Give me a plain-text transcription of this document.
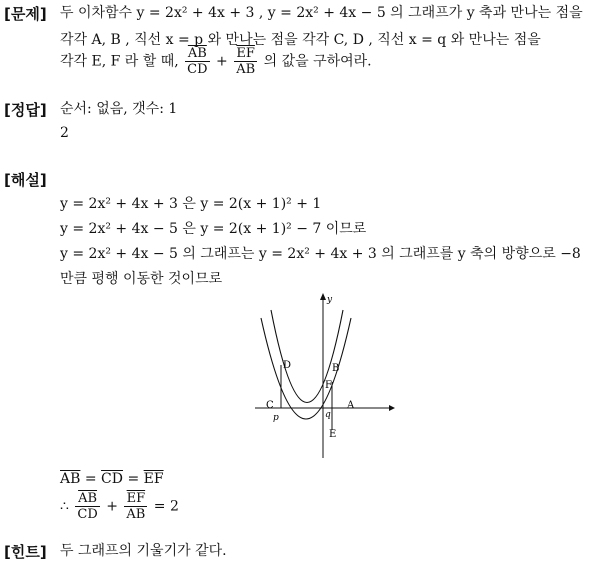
[문제] 두 이차함수 y = 2x² + 4x + 3 , y = 2x² + 4x − 5 의 그래프가 y 축과 만나는 점을
각각 A, B , 직선 x = p 와 만나는 점을 각각 C, D , 직선 x = q 와 만나는 점을
각각 E, F 라 할 때, $\frac{\overline{AB}}{CD} + \frac{\overline{EF}}{AB}$ 의 값을 구하여라.
[정답] 순서: 없음, 갯수: 1
2
[해설]
y = 2x² + 4x + 3 은 y = 2(x + 1)² + 1
y = 2x² + 4x − 5 은 y = 2(x + 1)² − 7 이므로
y = 2x² + 4x − 5 의 그래프는 y = 2x² + 4x + 3 의 그래프를 y 축의 방향으로 −8
만큼 평행 이동한 것이므로
y
D	B
F
C	A
p	q
E
$\overline{AB} = \overline{CD} = \overline{EF}$
∴ $\frac{\overline{AB}}{CD} + \frac{\overline{EF}}{AB} = 2$
[힌트] 두 그래프의 기울기가 같다.
